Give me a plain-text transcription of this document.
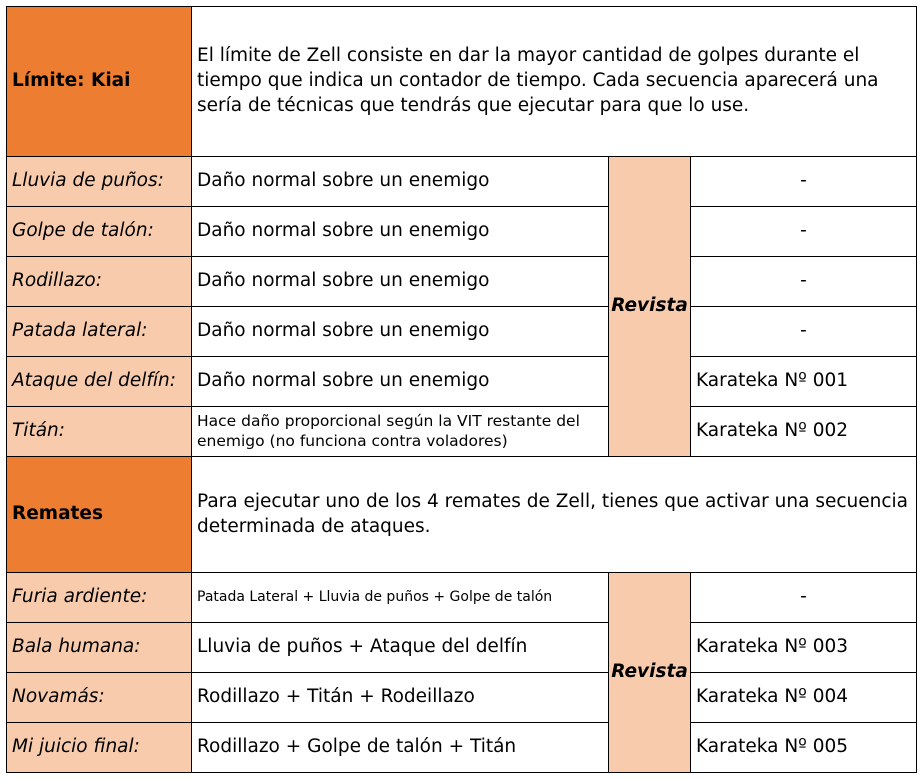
Límite: Kiai	El límite de Zell consiste en dar la mayor cantidad de golpes durante el tiempo que indica un contador de tiempo. Cada secuencia aparecerá una sería de técnicas que tendrás que ejecutar para que lo use.		
Lluvia de puños:	Daño normal sobre un enemigo	Revista	-
Golpe de talón:	Daño normal sobre un enemigo		-
Rodillazo:	Daño normal sobre un enemigo		-
Patada lateral:	Daño normal sobre un enemigo		-
Ataque del delfín:	Daño normal sobre un enemigo		Karateka Nº 001
Titán:	Hace daño proporcional según la VIT restante del enemigo (no funciona contra voladores)		Karateka Nº 002
Remates	Para ejecutar uno de los 4 remates de Zell, tienes que activar una secuencia determinada de ataques.		
Furia ardiente:	Patada Lateral + Lluvia de puños + Golpe de talón	Revista	-
Bala humana:	Lluvia de puños + Ataque del delfín		Karateka Nº 003
Novamás:	Rodillazo + Titán + Rodeillazo		Karateka Nº 004
Mi juicio final:	Rodillazo + Golpe de talón + Titán		Karateka Nº 005
